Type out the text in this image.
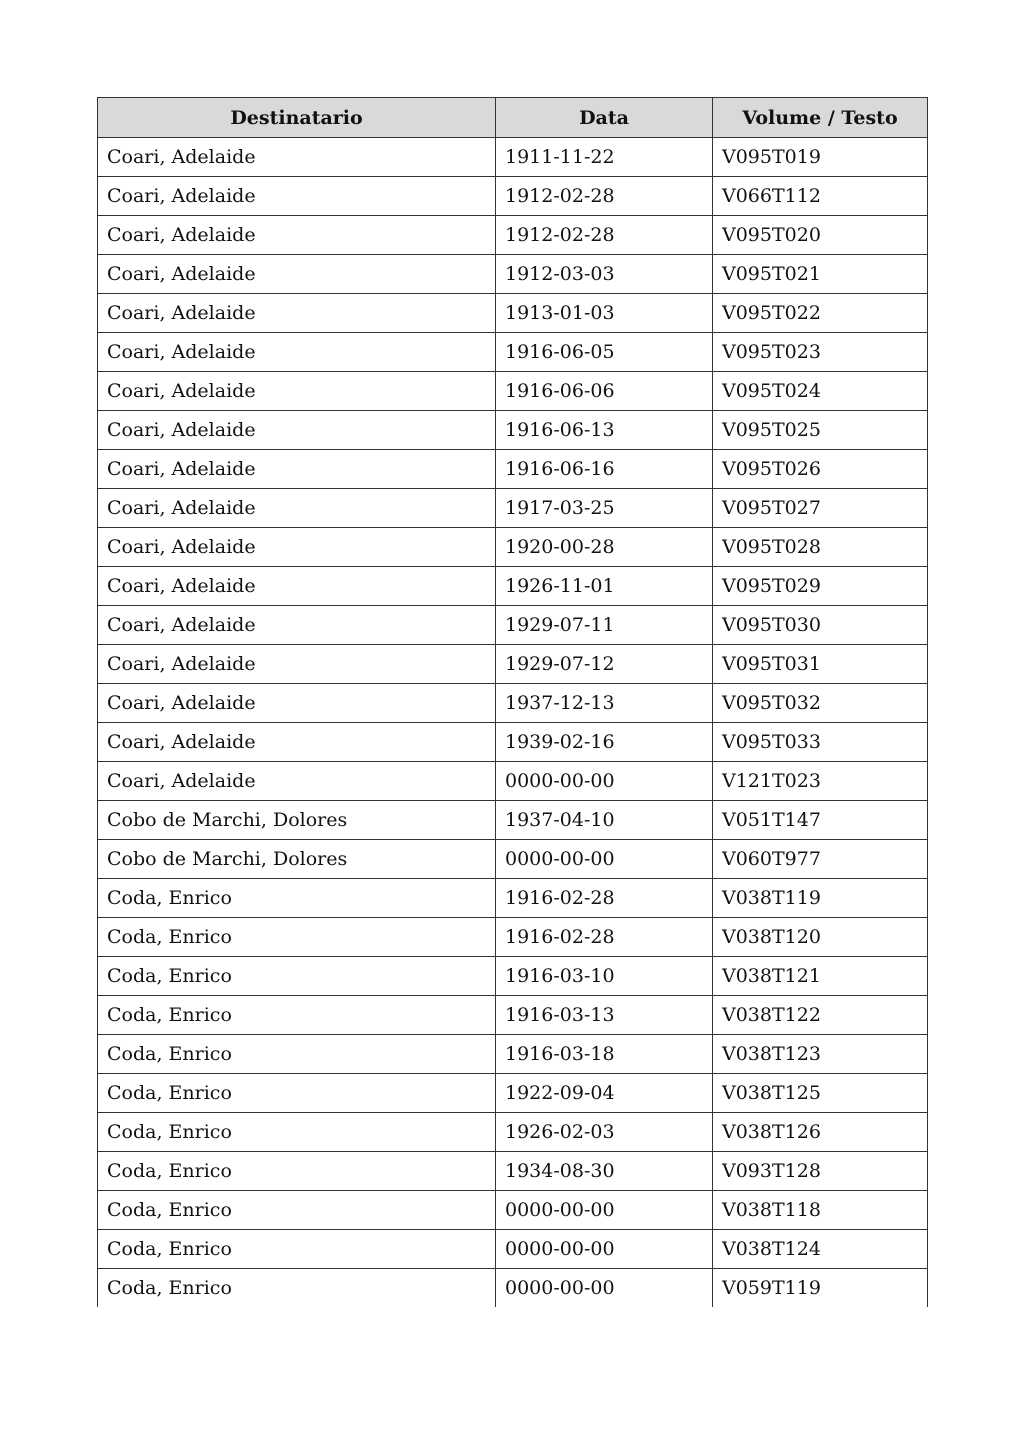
Destinatario	Data	Volume / Testo
Coari, Adelaide	1911-11-22	V095T019
Coari, Adelaide	1912-02-28	V066T112
Coari, Adelaide	1912-02-28	V095T020
Coari, Adelaide	1912-03-03	V095T021
Coari, Adelaide	1913-01-03	V095T022
Coari, Adelaide	1916-06-05	V095T023
Coari, Adelaide	1916-06-06	V095T024
Coari, Adelaide	1916-06-13	V095T025
Coari, Adelaide	1916-06-16	V095T026
Coari, Adelaide	1917-03-25	V095T027
Coari, Adelaide	1920-00-28	V095T028
Coari, Adelaide	1926-11-01	V095T029
Coari, Adelaide	1929-07-11	V095T030
Coari, Adelaide	1929-07-12	V095T031
Coari, Adelaide	1937-12-13	V095T032
Coari, Adelaide	1939-02-16	V095T033
Coari, Adelaide	0000-00-00	V121T023
Cobo de Marchi, Dolores	1937-04-10	V051T147
Cobo de Marchi, Dolores	0000-00-00	V060T977
Coda, Enrico	1916-02-28	V038T119
Coda, Enrico	1916-02-28	V038T120
Coda, Enrico	1916-03-10	V038T121
Coda, Enrico	1916-03-13	V038T122
Coda, Enrico	1916-03-18	V038T123
Coda, Enrico	1922-09-04	V038T125
Coda, Enrico	1926-02-03	V038T126
Coda, Enrico	1934-08-30	V093T128
Coda, Enrico	0000-00-00	V038T118
Coda, Enrico	0000-00-00	V038T124
Coda, Enrico	0000-00-00	V059T119
